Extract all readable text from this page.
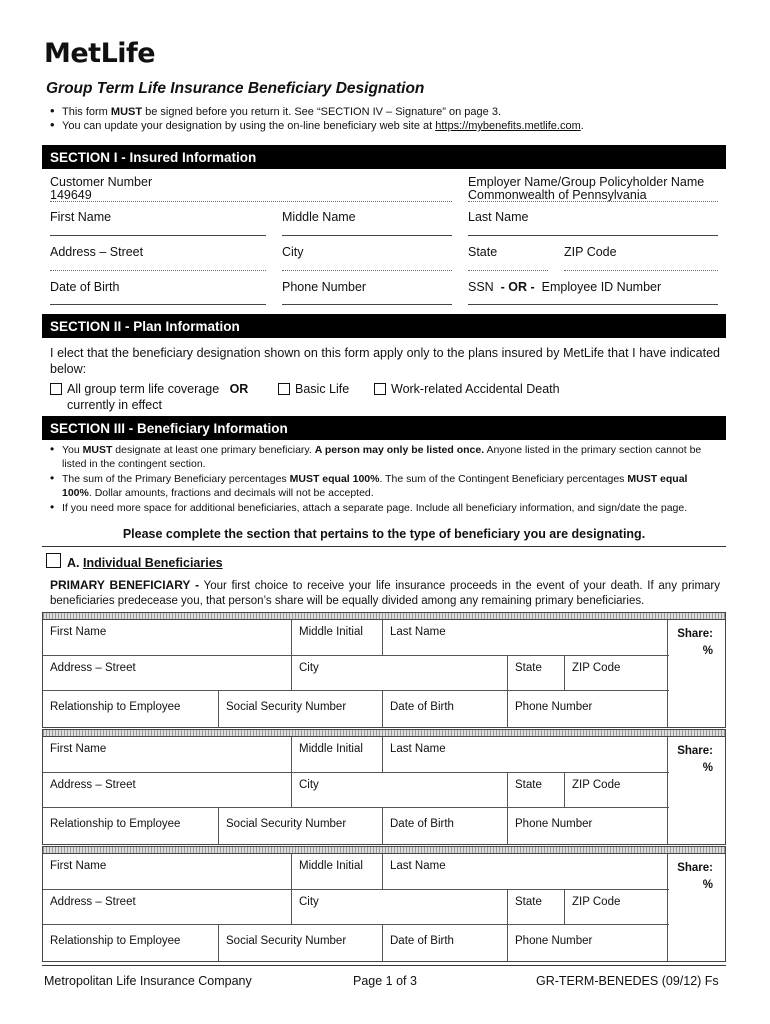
MetLife
Group Term Life Insurance Beneficiary Designation
• This form MUST be signed before you return it. See “SECTION IV – Signature” on page 3.
• You can update your designation by using the on-line beneficiary web site at https://mybenefits.metlife.com.
SECTION I - Insured Information
Customer Number
149649
Employer Name/Group Policyholder Name
Commonwealth of Pennsylvania
First Name	Middle Name	Last Name
Address – Street	City	State	ZIP Code
Date of Birth	Phone Number	SSN - OR - Employee ID Number
SECTION II - Plan Information
I elect that the beneficiary designation shown on this form apply only to the plans insured by MetLife that I have indicated below:
All group term life coverage OR
currently in effect
Basic Life	Work-related Accidental Death
SECTION III - Beneficiary Information
• You MUST designate at least one primary beneficiary. A person may only be listed once. Anyone listed in the primary section cannot be listed in the contingent section.
• The sum of the Primary Beneficiary percentages MUST equal 100%. The sum of the Contingent Beneficiary percentages MUST equal 100%. Dollar amounts, fractions and decimals will not be accepted.
• If you need more space for additional beneficiaries, attach a separate page. Include all beneficiary information, and sign/date the page.
Please complete the section that pertains to the type of beneficiary you are designating.
A. Individual Beneficiaries
PRIMARY BENEFICIARY - Your first choice to receive your life insurance proceeds in the event of your death. If any primary beneficiaries predecease you, that person’s share will be equally divided among any remaining primary beneficiaries.
First Name	Middle Initial	Last Name
Address – Street	City	State	ZIP Code
Relationship to Employee	Social Security Number	Date of Birth	Phone Number
Share:
%
First Name	Middle Initial	Last Name
Address – Street	City	State	ZIP Code
Relationship to Employee	Social Security Number	Date of Birth	Phone Number
Share:
%
First Name	Middle Initial	Last Name
Address – Street	City	State	ZIP Code
Relationship to Employee	Social Security Number	Date of Birth	Phone Number
Share:
%
Metropolitan Life Insurance Company	Page 1 of 3	GR-TERM-BENEDES (09/12) Fs
